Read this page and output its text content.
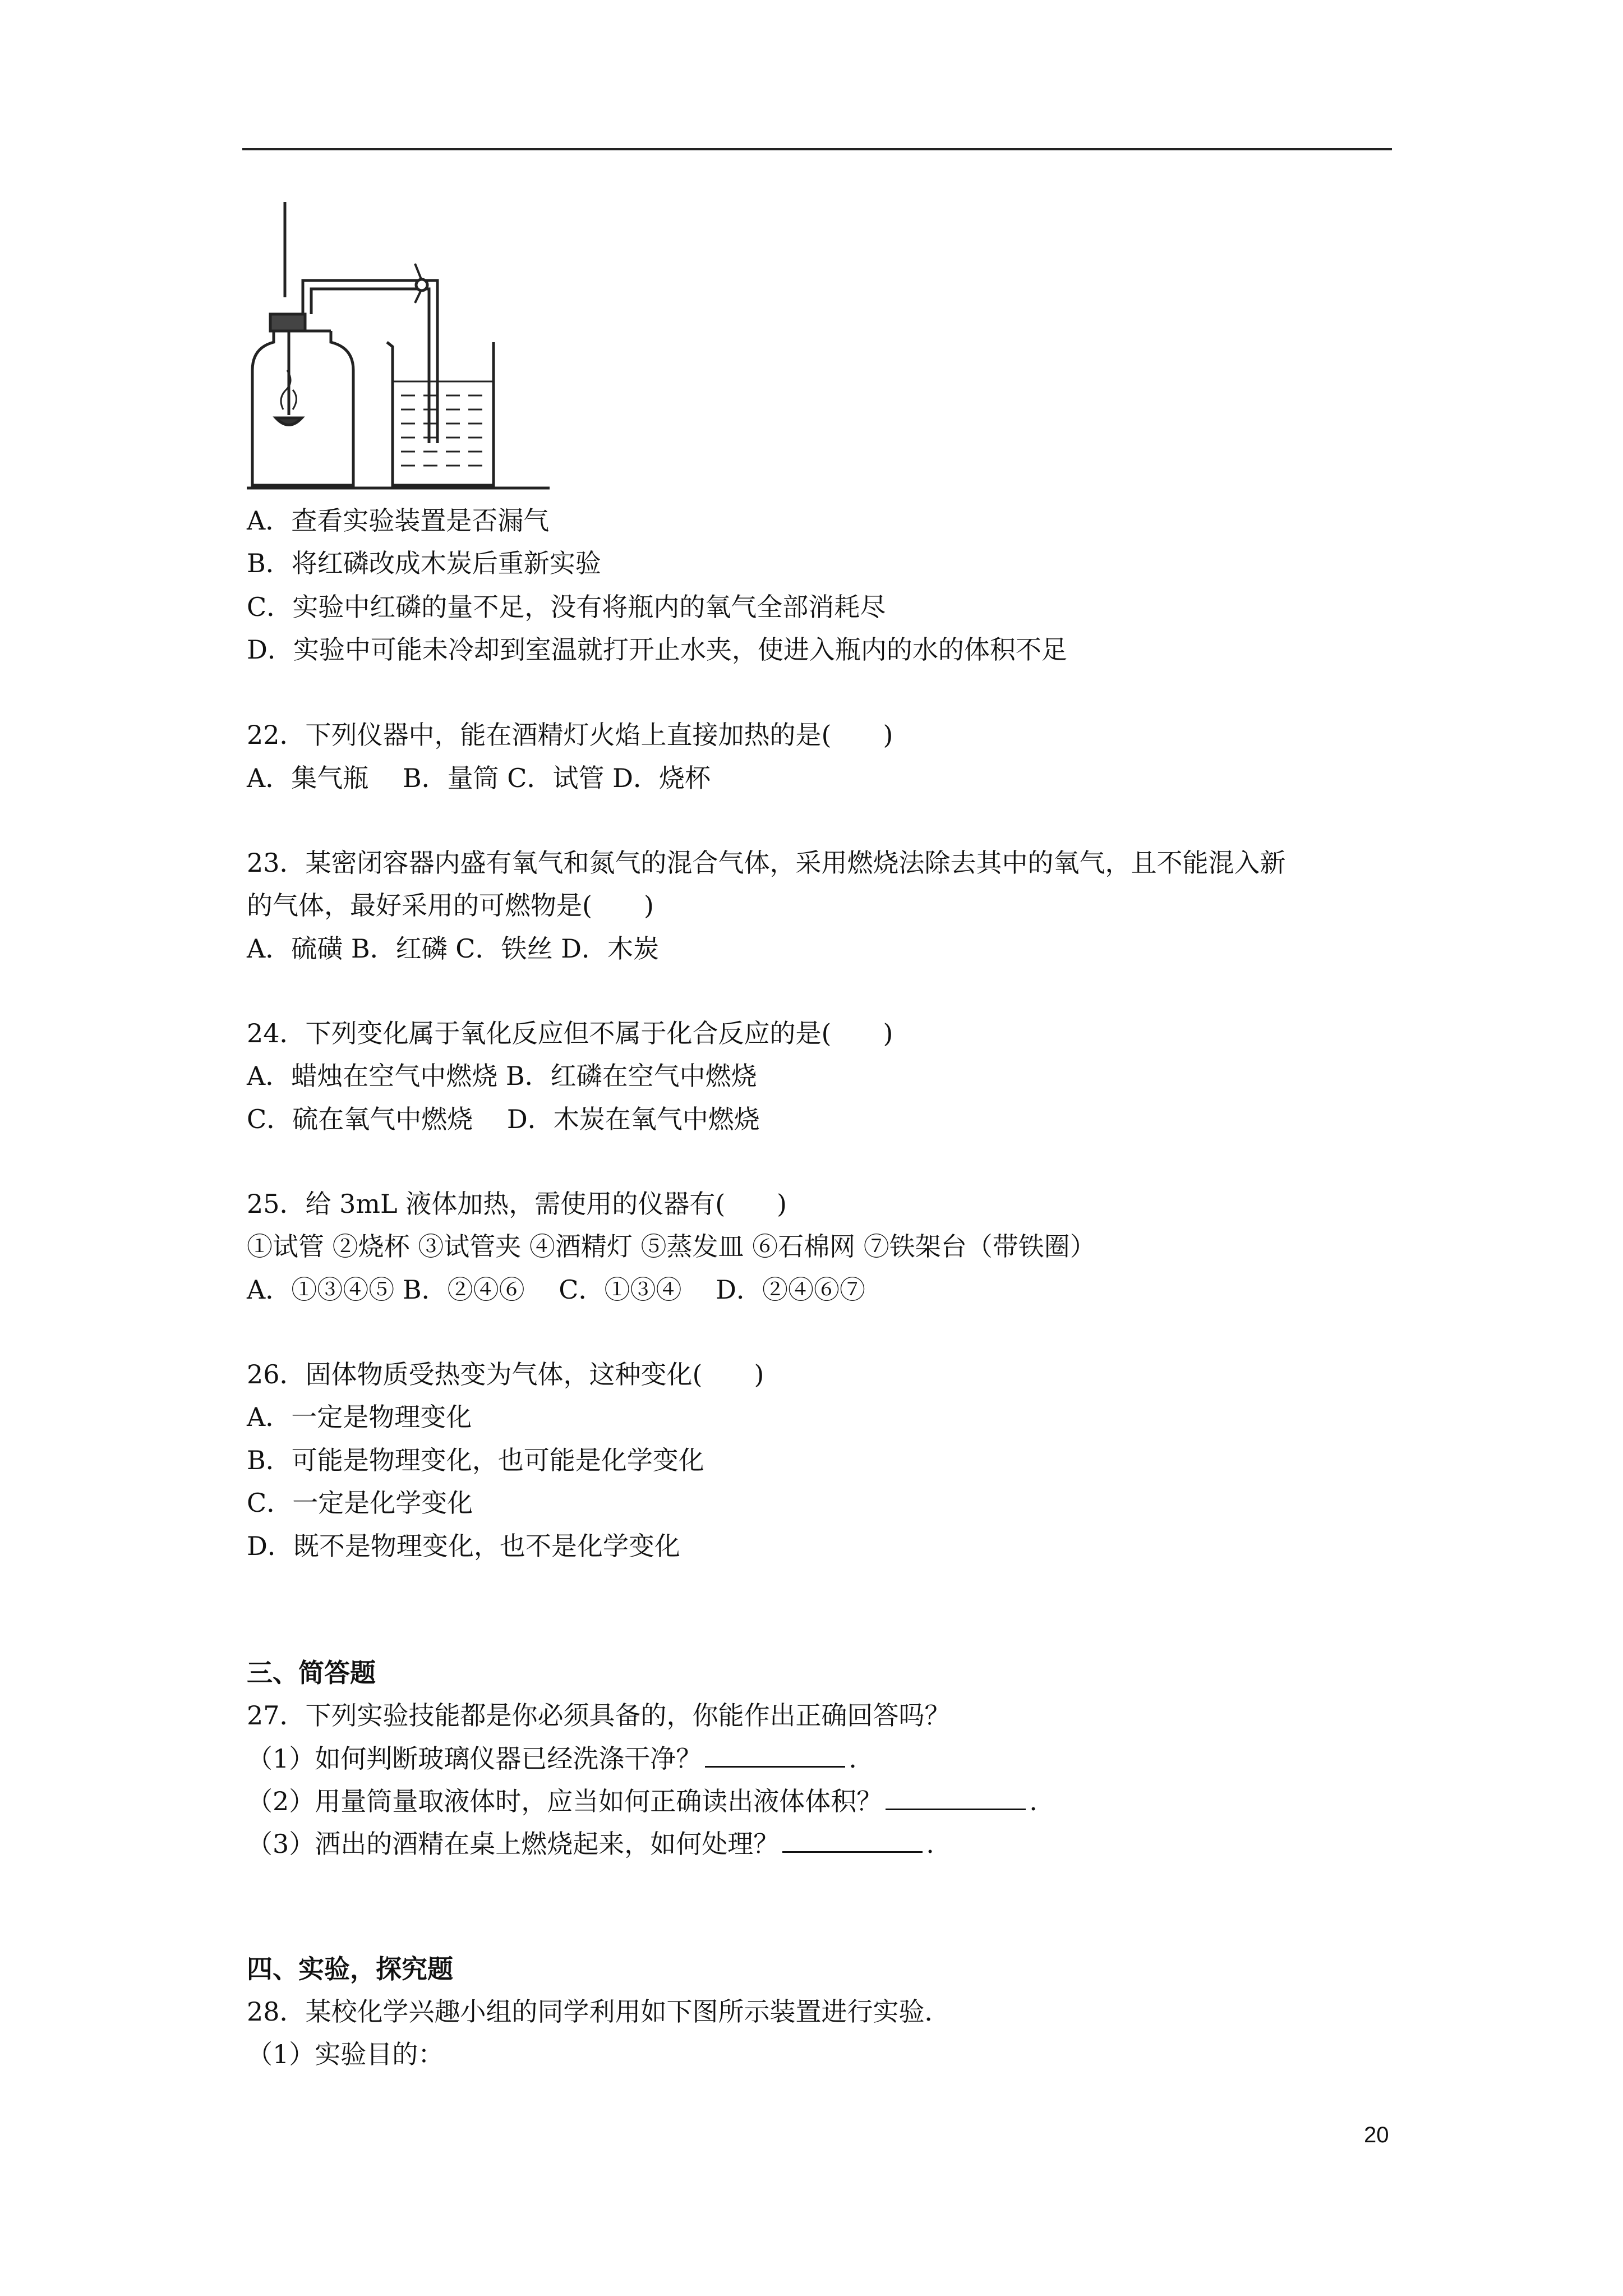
A．查看实验装置是否漏气
B．将红磷改成木炭后重新实验
C．实验中红磷的量不足，没有将瓶内的氧气全部消耗尽
D．实验中可能未冷却到室温就打开止水夹，使进入瓶内的水的体积不足
22．下列仪器中，能在酒精灯火焰上直接加热的是(　　)
A．集气瓶　 B．量筒 C．试管 D．烧杯
23．某密闭容器内盛有氧气和氮气的混合气体，采用燃烧法除去其中的氧气，且不能混入新
的气体，最好采用的可燃物是(　　)
A．硫磺 B．红磷 C．铁丝 D．木炭
24．下列变化属于氧化反应但不属于化合反应的是(　　)
A．蜡烛在空气中燃烧 B．红磷在空气中燃烧
C．硫在氧气中燃烧　 D．木炭在氧气中燃烧
25．给 3mL 液体加热，需使用的仪器有(　　)
①试管 ②烧杯 ③试管夹 ④酒精灯 ⑤蒸发皿 ⑥石棉网 ⑦铁架台（带铁圈）
A．①③④⑤ B．②④⑥　 C．①③④　 D．②④⑥⑦
26．固体物质受热变为气体，这种变化(　　)
A．一定是物理变化
B．可能是物理变化，也可能是化学变化
C．一定是化学变化
D．既不是物理变化，也不是化学变化
三、简答题
27．下列实验技能都是你必须具备的，你能作出正确回答吗？
（1）如何判断玻璃仪器已经洗涤干净？	.
（2）用量筒量取液体时，应当如何正确读出液体体积？	.
（3）洒出的酒精在桌上燃烧起来，如何处理？	.
四、实验，探究题
28．某校化学兴趣小组的同学利用如下图所示装置进行实验．
（1）实验目的：
20
